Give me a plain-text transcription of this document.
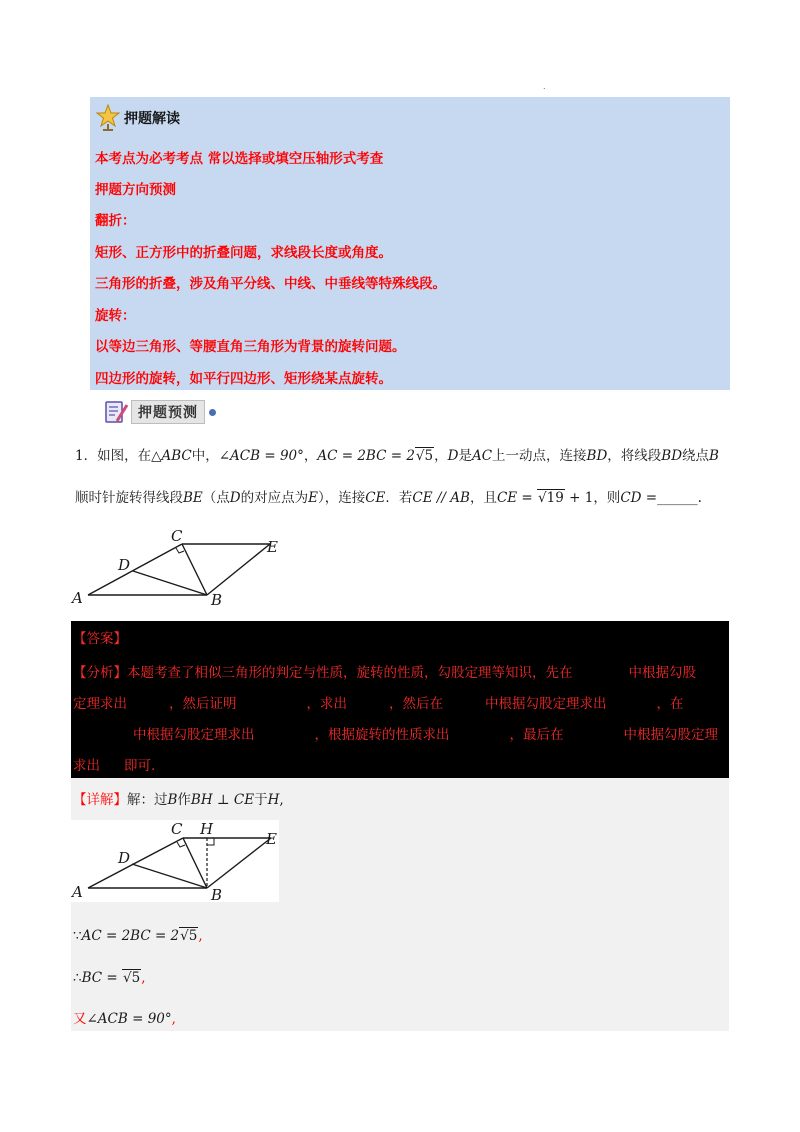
.
押题解读
本考点为必考考点 常以选择或填空压轴形式考查
押题方向预测
翻折：
矩形、正方形中的折叠问题，求线段长度或角度。
三角形的折叠，涉及角平分线、中线、中垂线等特殊线段。
旋转：
以等边三角形、等腰直角三角形为背景的旋转问题。
四边形的旋转，如平行四边形、矩形绕某点旋转。
押题预测
1．如图，在△ABC中，∠ACB = 90°，AC = 2BC = 2√5，D是AC上一动点，连接BD，将线段BD绕点B
顺时针旋转得线段BE（点D的对应点为E），连接CE．若CE // AB，且CE = √19 + 1，则CD =______.
A	B
C
D
E
【答案】
【分析】本题考查了相似三角形的判定与性质，旋转的性质，勾股定理等知识，先在	中根据勾股
定理求出	，然后证明	，求出	，然后在	中根据勾股定理求出	，在
中根据勾股定理求出	，根据旋转的性质求出	，最后在	中根据勾股定理
求出 即可.
【详解】解：过B作BH ⊥ CE于H,
A	B
C H
D
E
∵AC = 2BC = 2√5,
∴BC = √5,
又∠ACB = 90°,
